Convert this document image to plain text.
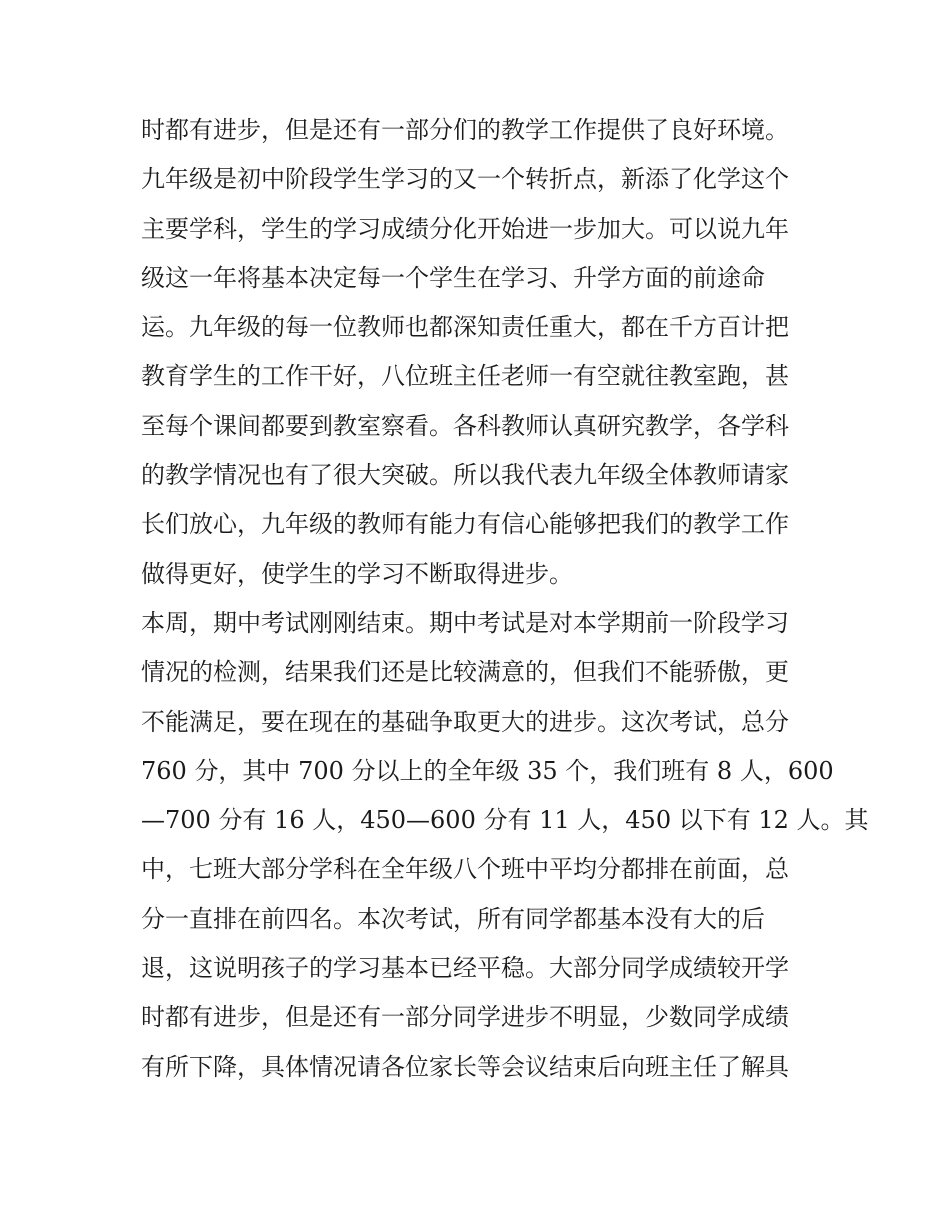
时都有进步，但是还有一部分们的教学工作提供了良好环境。
九年级是初中阶段学生学习的又一个转折点，新添了化学这个
主要学科，学生的学习成绩分化开始进一步加大。可以说九年
级这一年将基本决定每一个学生在学习、升学方面的前途命
运。九年级的每一位教师也都深知责任重大，都在千方百计把
教育学生的工作干好，八位班主任老师一有空就往教室跑，甚
至每个课间都要到教室察看。各科教师认真研究教学，各学科
的教学情况也有了很大突破。所以我代表九年级全体教师请家
长们放心，九年级的教师有能力有信心能够把我们的教学工作
做得更好，使学生的学习不断取得进步。
本周，期中考试刚刚结束。期中考试是对本学期前一阶段学习
情况的检测，结果我们还是比较满意的，但我们不能骄傲，更
不能满足，要在现在的基础争取更大的进步。这次考试，总分
760 分，其中 700 分以上的全年级 35 个，我们班有 8 人，600
—700 分有 16 人，450—600 分有 11 人，450 以下有 12 人。其
中，七班大部分学科在全年级八个班中平均分都排在前面，总
分一直排在前四名。本次考试，所有同学都基本没有大的后
退，这说明孩子的学习基本已经平稳。大部分同学成绩较开学
时都有进步，但是还有一部分同学进步不明显，少数同学成绩
有所下降，具体情况请各位家长等会议结束后向班主任了解具
